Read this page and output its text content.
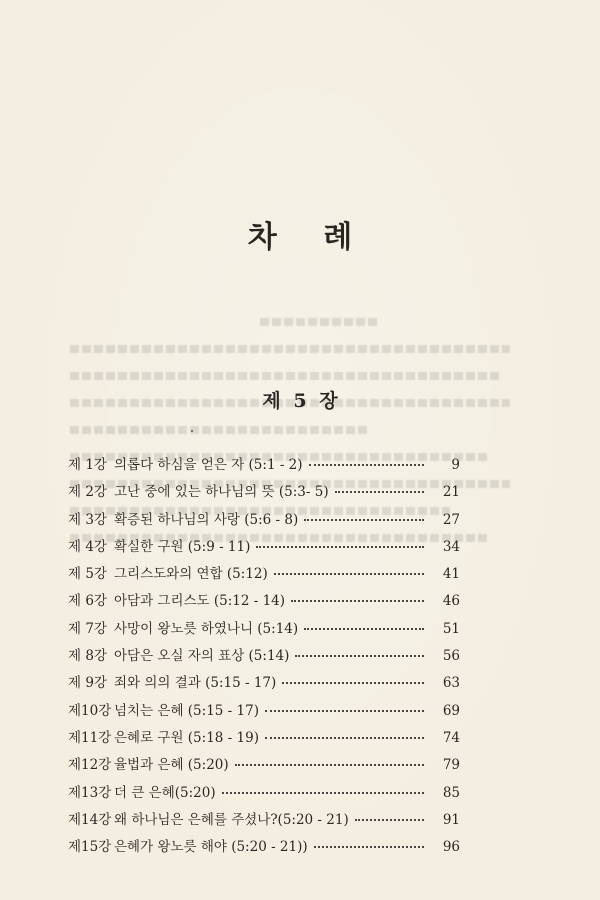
차 례
제 5 장
제 1강 의롭다 하심을 얻은 자 (5:1 - 2)	9
제 2강 고난 중에 있는 하나님의 뜻 (5:3- 5)	21
제 3강 확증된 하나님의 사랑 (5:6 - 8)	27
제 4강 확실한 구원 (5:9 - 11)	34
제 5강 그리스도와의 연합 (5:12)	41
제 6강 아담과 그리스도 (5:12 - 14)	46
제 7강 사망이 왕노릇 하였나니 (5:14)	51
제 8강 아담은 오실 자의 표상 (5:14)	56
제 9강 죄와 의의 결과 (5:15 - 17)	63
제10강 넘치는 은혜 (5:15 - 17)	69
제11강 은혜로 구원 (5:18 - 19)	74
제12강 율법과 은혜 (5:20)	79
제13강 더 큰 은혜(5:20)	85
제14강 왜 하나님은 은혜를 주셨나?(5:20 - 21)	91
제15강 은혜가 왕노릇 해야 (5:20 - 21))	96
